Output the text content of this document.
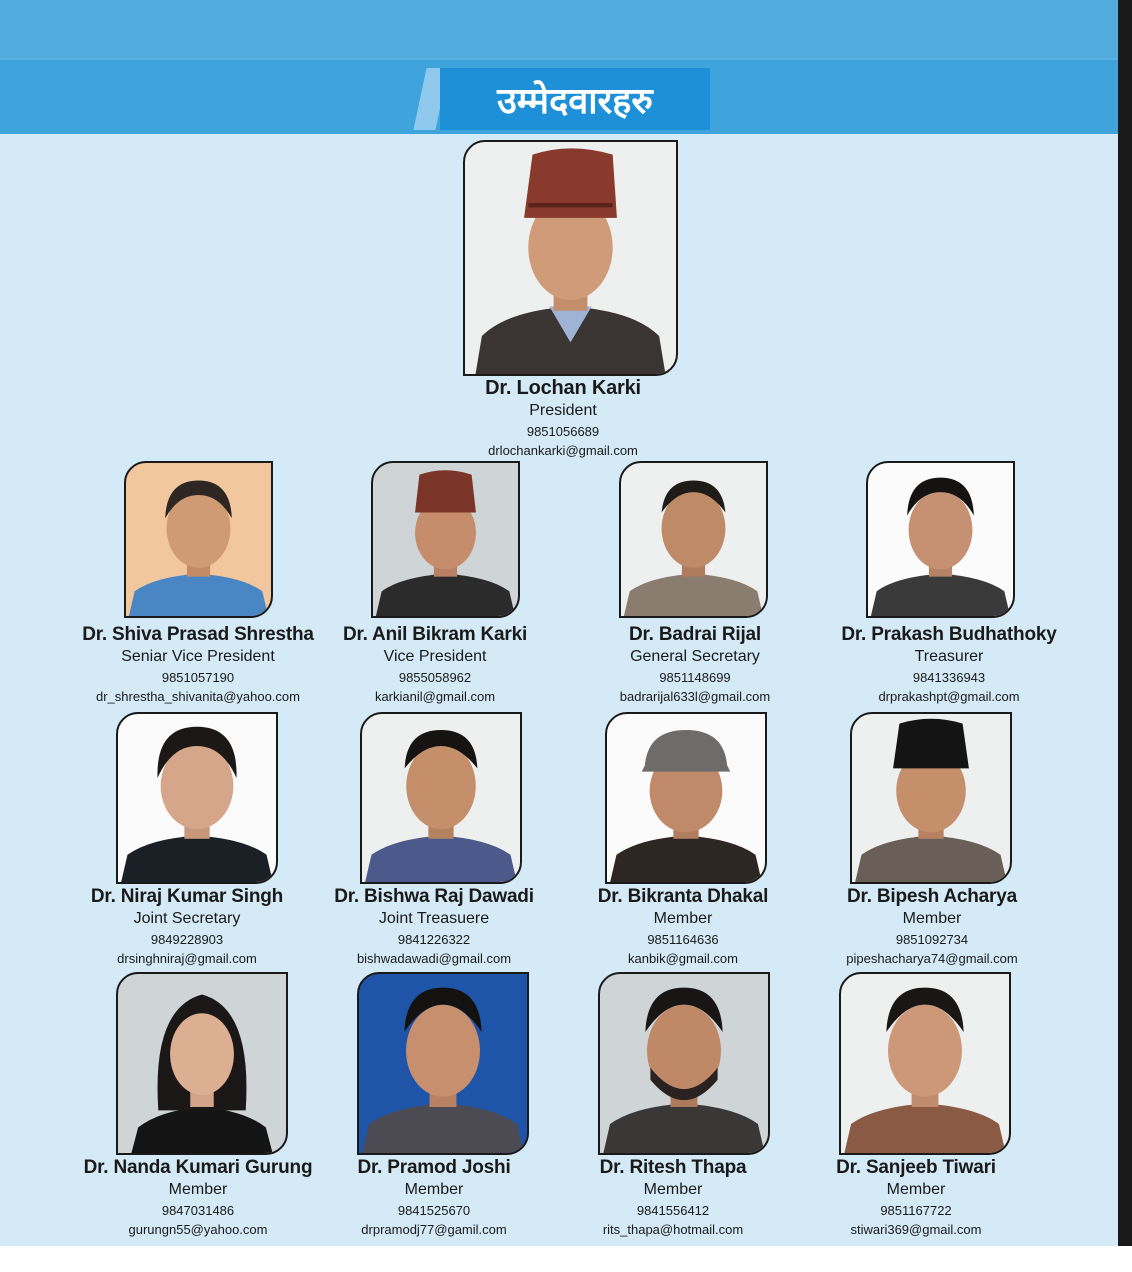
उम्मेदवारहरु
Dr. Lochan Karki
President
9851056689
drlochankarki@gmail.com
Dr. Shiva Prasad Shrestha
Seniar Vice President
9851057190
dr_shrestha_shivanita@yahoo.com
Dr. Anil Bikram Karki
Vice President
9855058962
karkianil@gmail.com
Dr. Badrai Rijal
General Secretary
9851148699
badrarijal633l@gmail.com
Dr. Prakash Budhathoky
Treasurer
9841336943
drprakashpt@gmail.com
Dr. Niraj Kumar Singh
Joint Secretary
9849228903
drsinghniraj@gmail.com
Dr. Bishwa Raj Dawadi
Joint Treasuere
9841226322
bishwadawadi@gmail.com
Dr. Bikranta Dhakal
Member
9851164636
kanbik@gmail.com
Dr. Bipesh Acharya
Member
9851092734
pipeshacharya74@gmail.com
Dr. Nanda Kumari Gurung
Member
9847031486
gurungn55@yahoo.com
Dr. Pramod Joshi
Member
9841525670
drpramodj77@gamil.com
Dr. Ritesh Thapa
Member
9841556412
rits_thapa@hotmail.com
Dr. Sanjeeb Tiwari
Member
9851167722
stiwari369@gmail.com
